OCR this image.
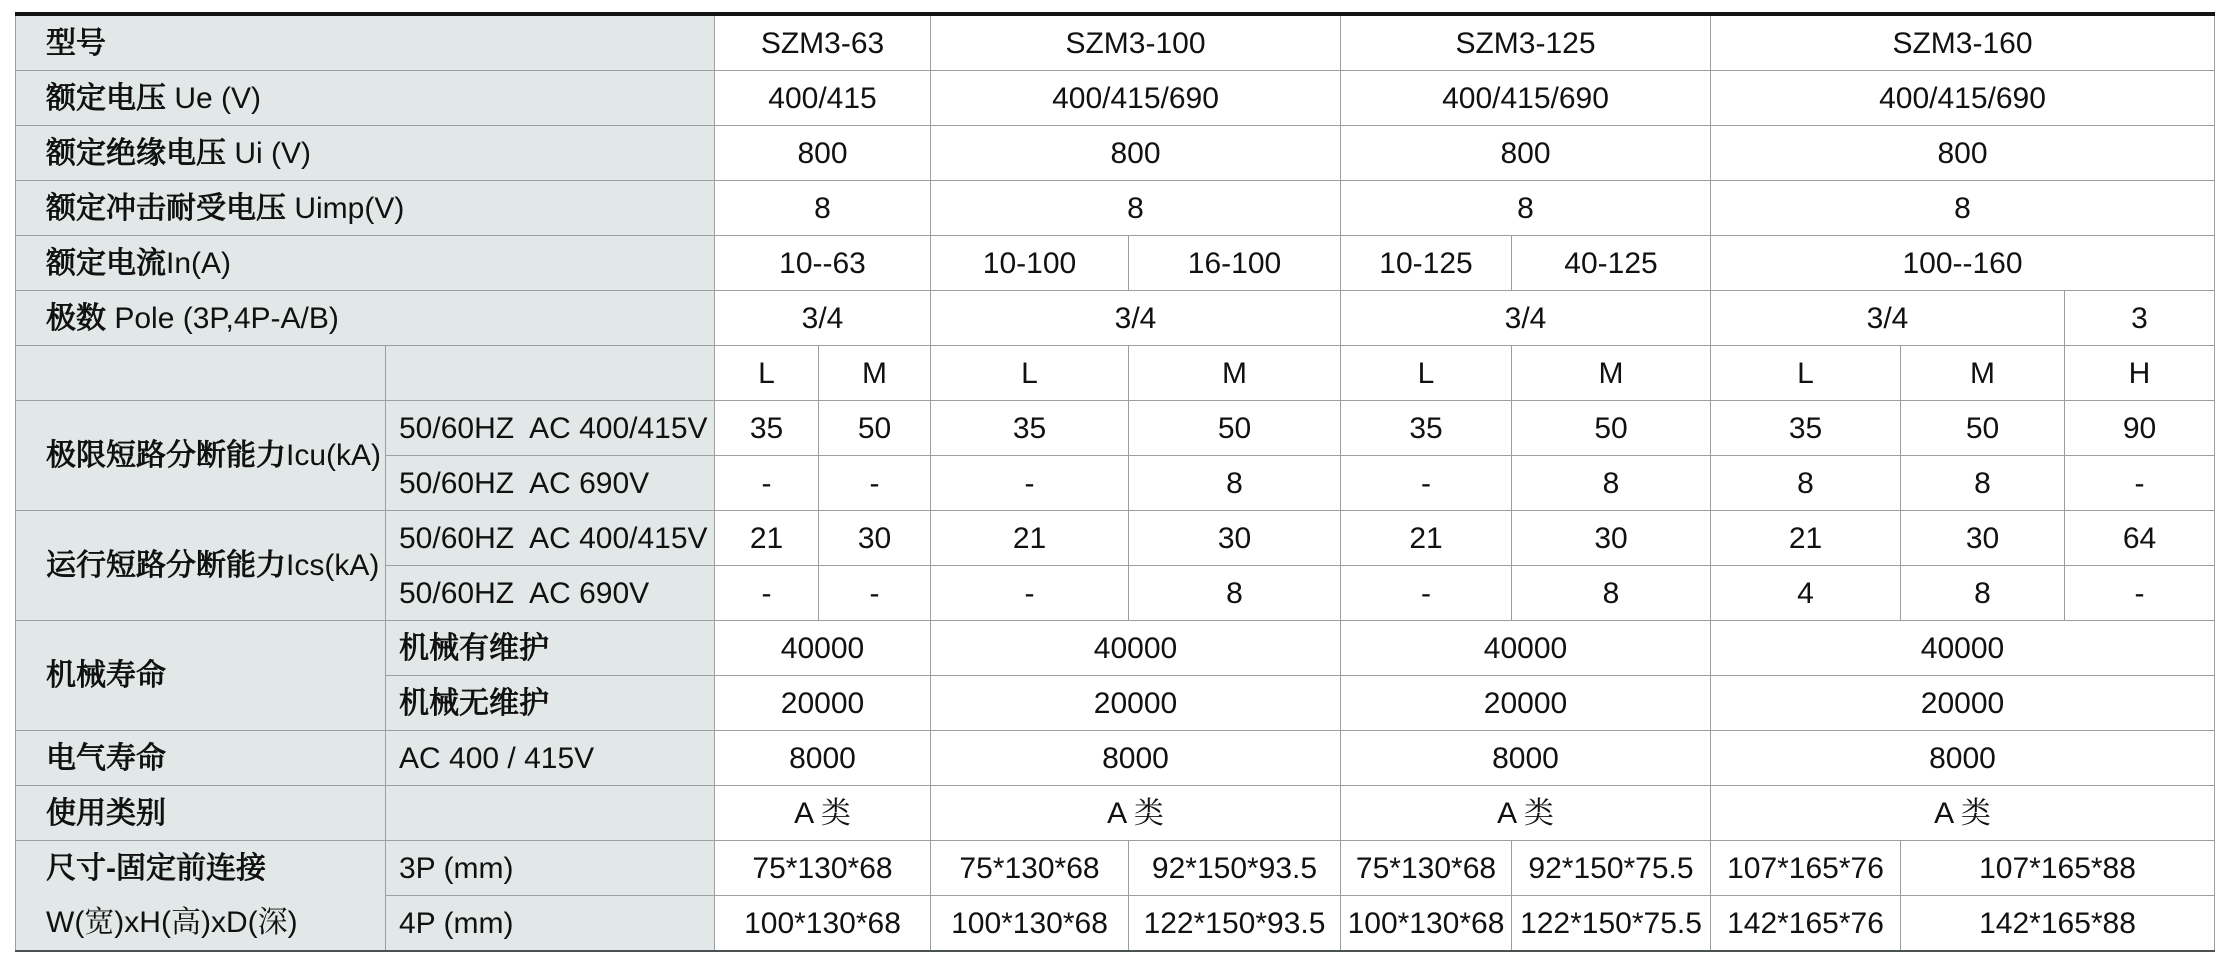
型号		SZM3-63		SZM3-100		SZM3-125		SZM3-160		
额定电压 Ue (V)		400/415		400/415/690		400/415/690		400/415/690		
额定绝缘电压 Ui (V)		800		800		800		800		
额定冲击耐受电压 Uimp(V)		8		8		8		8		
额定电流In(A)		10--63		10-100	16-100	10-125	40-125	100--160		
极数 Pole (3P,4P-A/B)		3/4		3/4		3/4		3/4		3
		L	M	L	M	L	M	L	M	H
极限短路分断能力Icu(kA)	50/60HZ  AC 400/415V	35	50	35	50	35	50	35	50	90
	50/60HZ  AC 690V	-	-	-	8	-	8	8	8	-
运行短路分断能力Ics(kA)	50/60HZ  AC 400/415V	21	30	21	30	21	30	21	30	64
	50/60HZ  AC 690V	-	-	-	8	-	8	4	8	-
机械寿命	机械有维护	40000		40000		40000		40000		
	机械无维护	20000		20000		20000		20000		
电气寿命	AC 400 / 415V	8000		8000		8000		8000		
使用类别		A 类		A 类		A 类		A 类		

尺寸-固定前连接
W(宽)xH(高)xD(深)	3P (mm)	75*130*68		75*130*68	92*150*93.5	75*130*68	92*150*75.5	107*165*76	107*165*88	
	4P (mm)	100*130*68		100*130*68	122*150*93.5	100*130*68	122*150*75.5	142*165*76	142*165*88	
